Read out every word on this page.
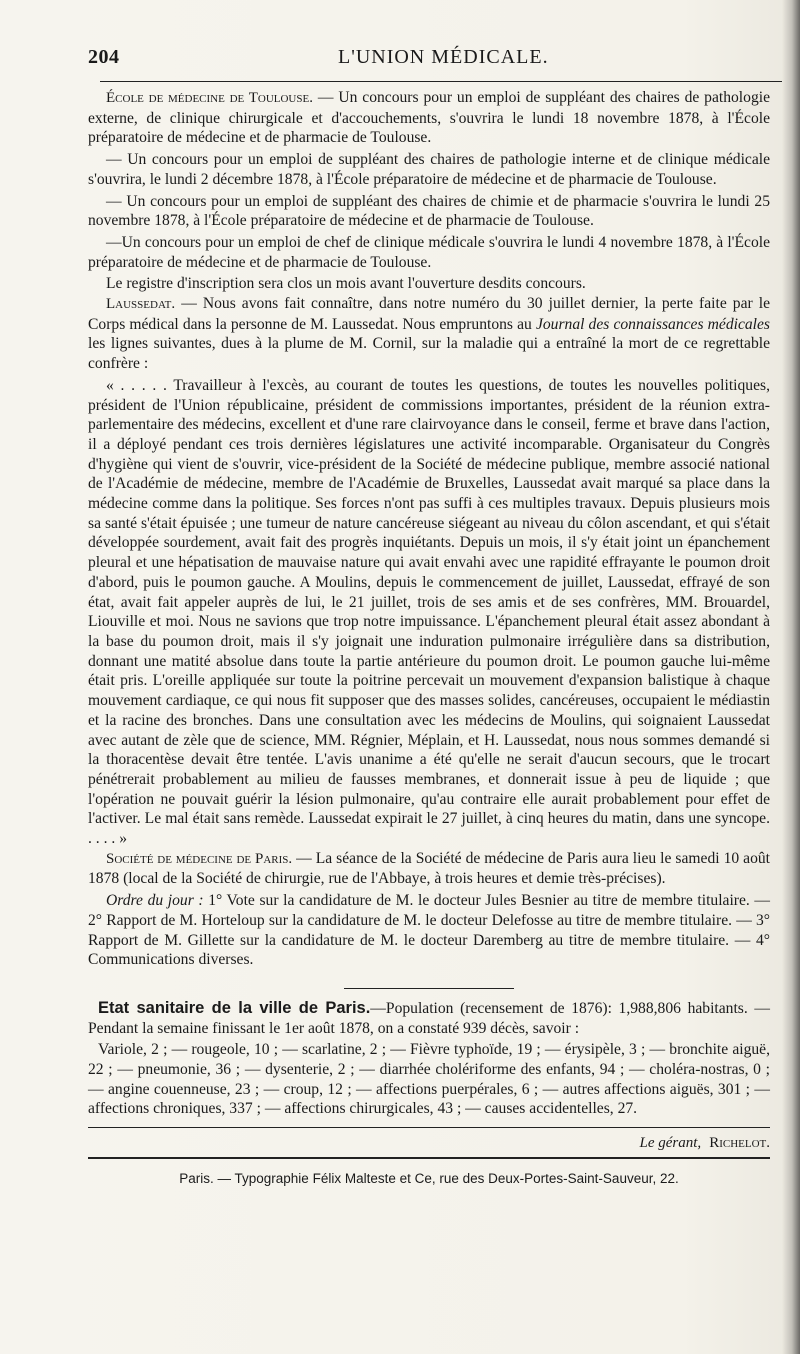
204	L'UNION MÉDICALE.

École de médecine de Toulouse. — Un concours pour un emploi de suppléant des chaires de pathologie externe, de clinique chirurgicale et d'accouchements, s'ouvrira le lundi 18 novembre 1878, à l'École préparatoire de médecine et de pharmacie de Toulouse.

— Un concours pour un emploi de suppléant des chaires de pathologie interne et de clinique médicale s'ouvrira, le lundi 2 décembre 1878, à l'École préparatoire de médecine et de pharmacie de Toulouse.

— Un concours pour un emploi de suppléant des chaires de chimie et de pharmacie s'ouvrira le lundi 25 novembre 1878, à l'École préparatoire de médecine et de pharmacie de Toulouse.

—Un concours pour un emploi de chef de clinique médicale s'ouvrira le lundi 4 novembre 1878, à l'École préparatoire de médecine et de pharmacie de Toulouse.

Le registre d'inscription sera clos un mois avant l'ouverture desdits concours.

Laussedat. — Nous avons fait connaître, dans notre numéro du 30 juillet dernier, la perte faite par le Corps médical dans la personne de M. Laussedat. Nous empruntons au Journal des connaissances médicales les lignes suivantes, dues à la plume de M. Cornil, sur la maladie qui a entraîné la mort de ce regrettable confrère :

« . . . . . Travailleur à l'excès, au courant de toutes les questions, de toutes les nouvelles politiques, président de l'Union républicaine, président de commissions importantes, président de la réunion extra-parlementaire des médecins, excellent et d'une rare clairvoyance dans le conseil, ferme et brave dans l'action, il a déployé pendant ces trois dernières législatures une activité incomparable. Organisateur du Congrès d'hygiène qui vient de s'ouvrir, vice-président de la Société de médecine publique, membre associé national de l'Académie de médecine, membre de l'Académie de Bruxelles, Laussedat avait marqué sa place dans la médecine comme dans la politique. Ses forces n'ont pas suffi à ces multiples travaux. Depuis plusieurs mois sa santé s'était épuisée ; une tumeur de nature cancéreuse siégeant au niveau du côlon ascendant, et qui s'était développée sourdement, avait fait des progrès inquiétants. Depuis un mois, il s'y était joint un épanchement pleural et une hépatisation de mauvaise nature qui avait envahi avec une rapidité effrayante le poumon droit d'abord, puis le poumon gauche. A Moulins, depuis le commencement de juillet, Laussedat, effrayé de son état, avait fait appeler auprès de lui, le 21 juillet, trois de ses amis et de ses confrères, MM. Brouardel, Liouville et moi. Nous ne savions que trop notre impuissance. L'épanchement pleural était assez abondant à la base du poumon droit, mais il s'y joignait une induration pulmonaire irrégulière dans sa distribution, donnant une matité absolue dans toute la partie antérieure du poumon droit. Le poumon gauche lui-même était pris. L'oreille appliquée sur toute la poitrine percevait un mouvement d'expansion balistique à chaque mouvement cardiaque, ce qui nous fit supposer que des masses solides, cancéreuses, occupaient le médiastin et la racine des bronches. Dans une consultation avec les médecins de Moulins, qui soignaient Laussedat avec autant de zèle que de science, MM. Régnier, Méplain, et H. Laussedat, nous nous sommes demandé si la thoracentèse devait être tentée. L'avis unanime a été qu'elle ne serait d'aucun secours, que le trocart pénétrerait probablement au milieu de fausses membranes, et donnerait issue à peu de liquide ; que l'opération ne pouvait guérir la lésion pulmonaire, qu'au contraire elle aurait probablement pour effet de l'activer. Le mal était sans remède. Laussedat expirait le 27 juillet, à cinq heures du matin, dans une syncope. . . . . »

Société de médecine de Paris. — La séance de la Société de médecine de Paris aura lieu le samedi 10 août 1878 (local de la Société de chirurgie, rue de l'Abbaye, à trois heures et demie très-précises).

Ordre du jour : 1° Vote sur la candidature de M. le docteur Jules Besnier au titre de membre titulaire. — 2° Rapport de M. Horteloup sur la candidature de M. le docteur Delefosse au titre de membre titulaire. — 3° Rapport de M. Gillette sur la candidature de M. le docteur Daremberg au titre de membre titulaire. — 4° Communications diverses.

Etat sanitaire de la ville de Paris.—Population (recensement de 1876): 1,988,806 habitants. — Pendant la semaine finissant le 1er août 1878, on a constaté 939 décès, savoir :

Variole, 2 ; — rougeole, 10 ; — scarlatine, 2 ; — Fièvre typhoïde, 19 ; — érysipèle, 3 ; — bronchite aiguë, 22 ; — pneumonie, 36 ; — dysenterie, 2 ; — diarrhée cholériforme des enfants, 94 ; — choléra-nostras, 0 ; — angine couenneuse, 23 ; — croup, 12 ; — affections puerpérales, 6 ; — autres affections aiguës, 301 ; — affections chroniques, 337 ; — affections chirurgicales, 43 ; — causes accidentelles, 27.

Le gérant, Richelot.
Paris. — Typographie Félix Malteste et Ce, rue des Deux-Portes-Saint-Sauveur, 22.
